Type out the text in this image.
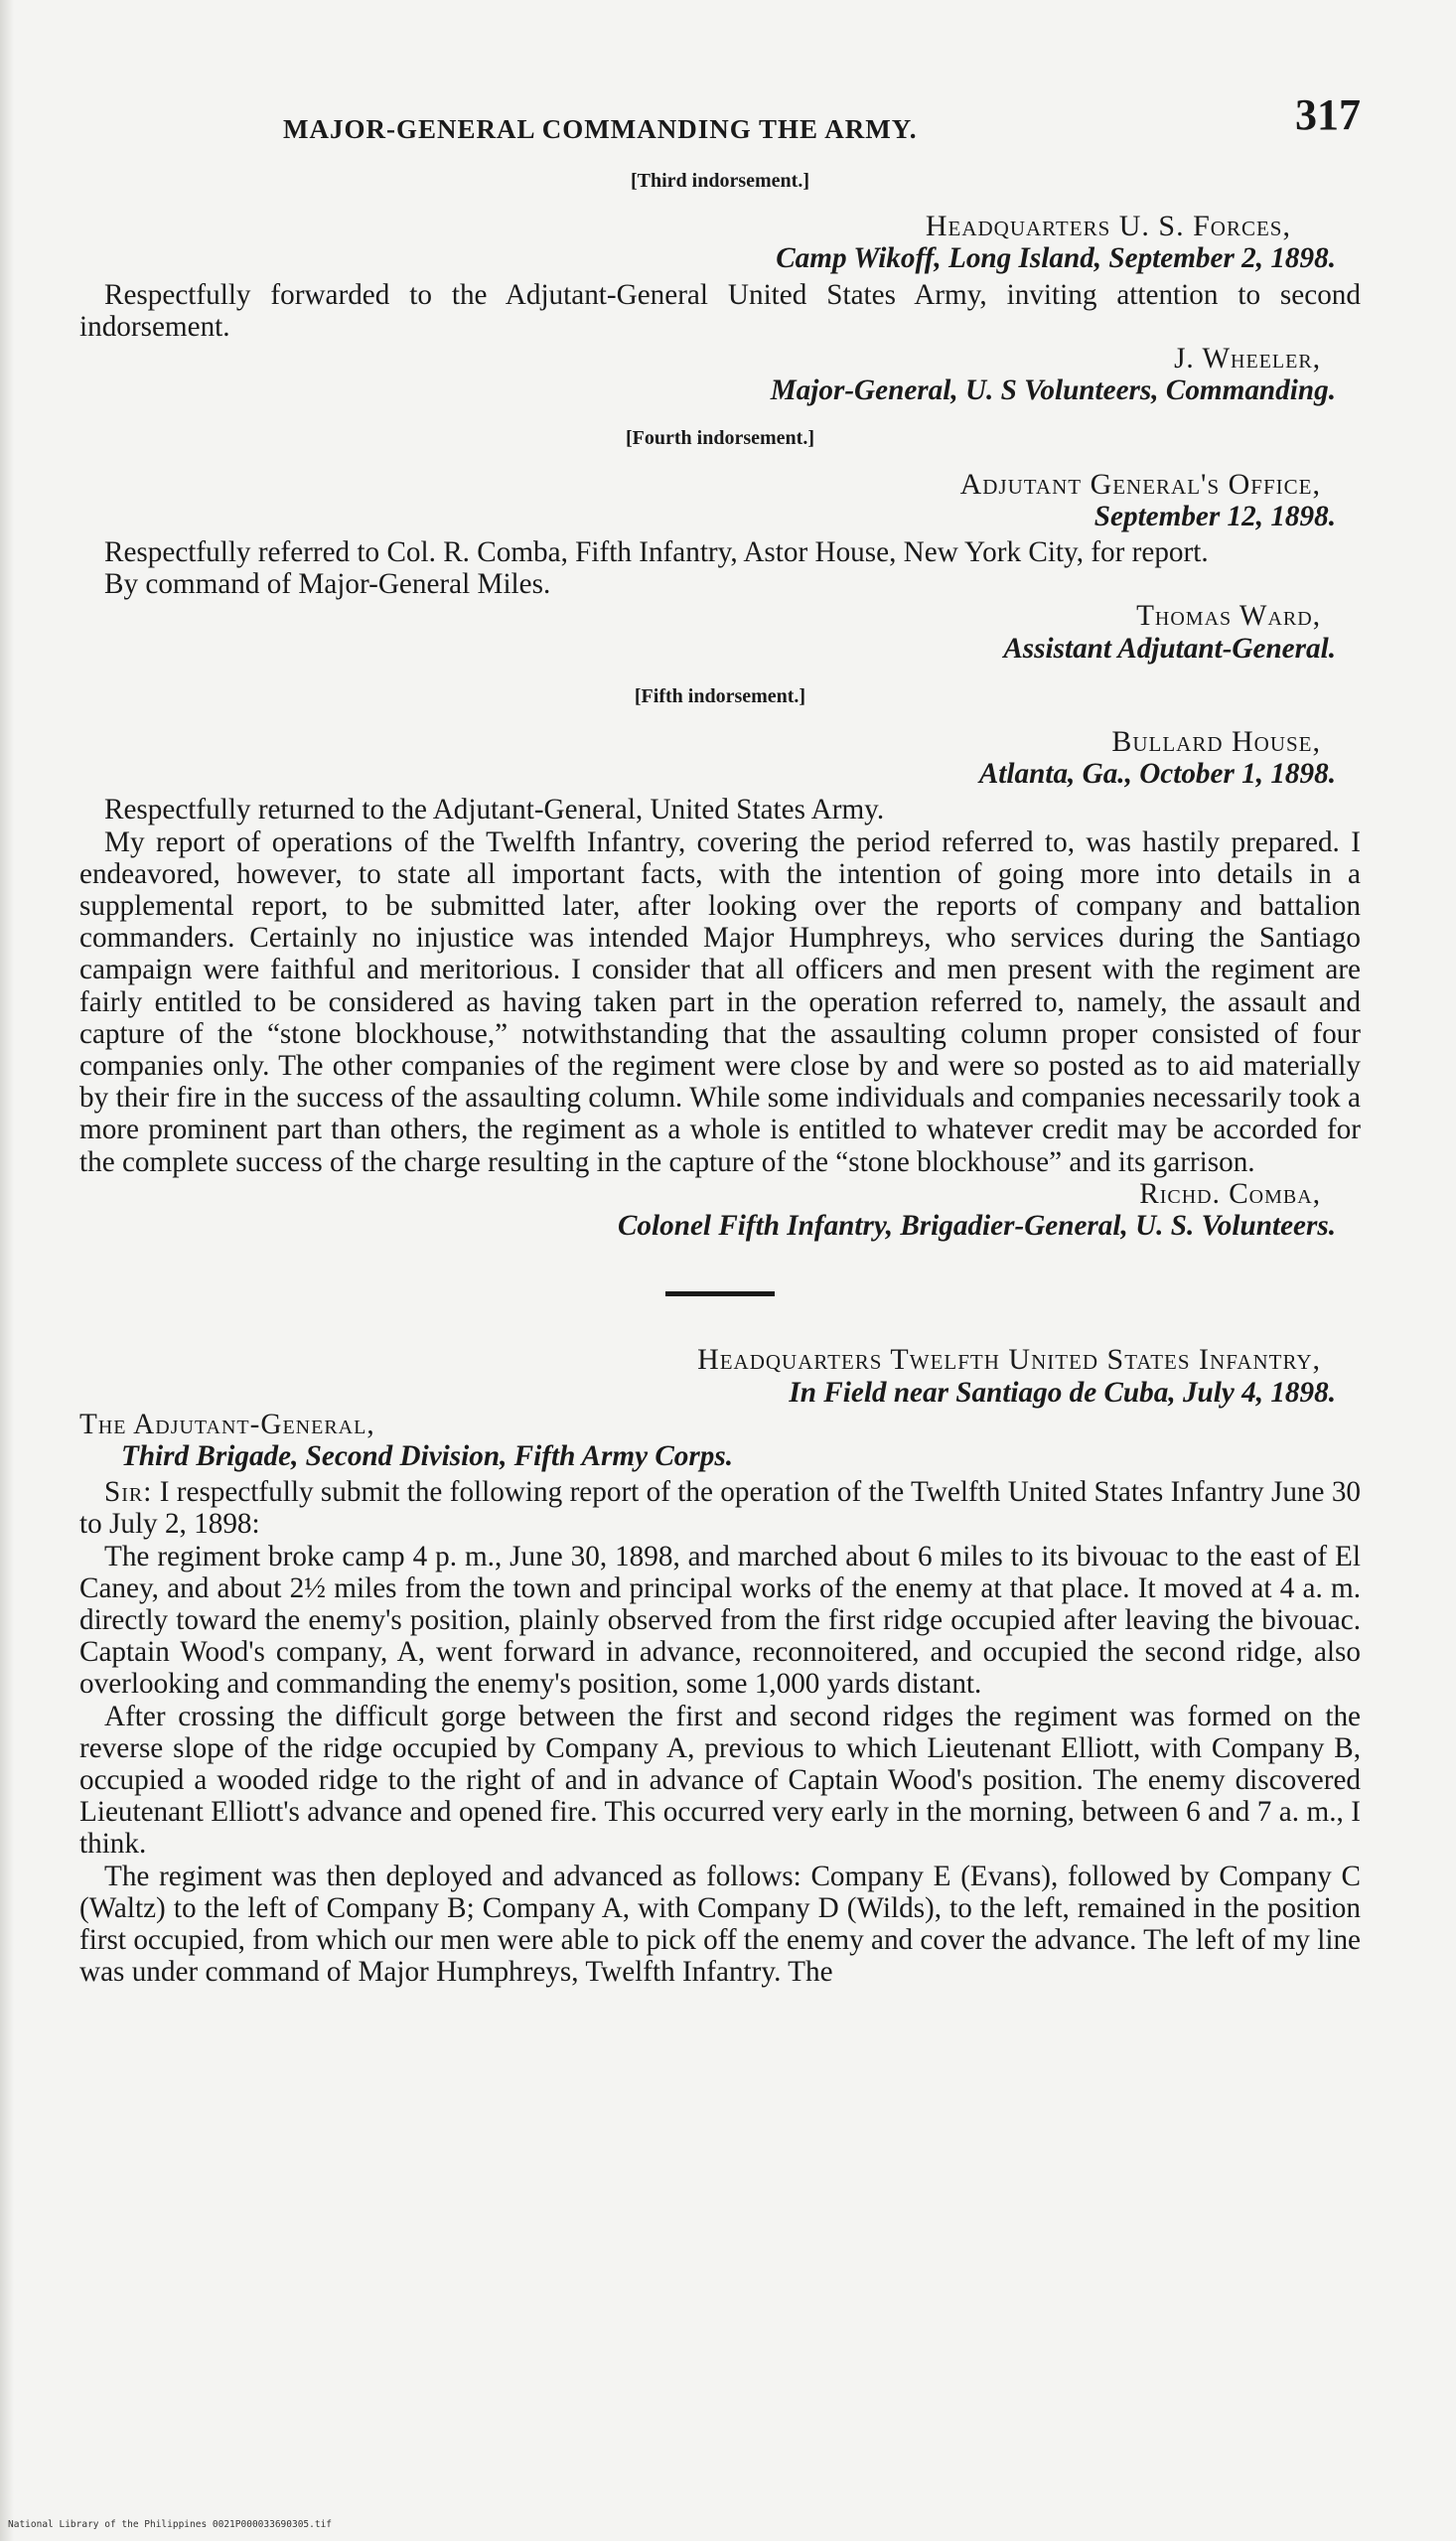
MAJOR-GENERAL COMMANDING THE ARMY.	317
[Third indorsement.]
Headquarters U. S. Forces,
Camp Wikoff, Long Island, September 2, 1898.

Respectfully forwarded to the Adjutant-General United States Army, inviting attention to second indorsement.

J. Wheeler,
Major-General, U. S Volunteers, Commanding.
[Fourth indorsement.]
Adjutant General's Office,
September 12, 1898.

Respectfully referred to Col. R. Comba, Fifth Infantry, Astor House, New York City, for report.

By command of Major-General Miles.

Thomas Ward,
Assistant Adjutant-General.
[Fifth indorsement.]
Bullard House,
Atlanta, Ga., October 1, 1898.

Respectfully returned to the Adjutant-General, United States Army.

My report of operations of the Twelfth Infantry, covering the period referred to, was hastily prepared. I endeavored, however, to state all important facts, with the intention of going more into details in a supplemental report, to be submitted later, after looking over the reports of company and battalion commanders. Certainly no injustice was intended Major Humphreys, who services during the Santiago campaign were faithful and meritorious. I consider that all officers and men present with the regiment are fairly entitled to be considered as having taken part in the operation referred to, namely, the assault and capture of the “stone blockhouse,” notwithstanding that the assaulting column proper consisted of four companies only. The other companies of the regiment were close by and were so posted as to aid materially by their fire in the success of the assaulting column. While some individuals and companies necessarily took a more prominent part than others, the regiment as a whole is entitled to whatever credit may be accorded for the complete success of the charge resulting in the capture of the “stone blockhouse” and its garrison.

Richd. Comba,
Colonel Fifth Infantry, Brigadier-General, U. S. Volunteers.
Headquarters Twelfth United States Infantry,
In Field near Santiago de Cuba, July 4, 1898.
The Adjutant-General,
Third Brigade, Second Division, Fifth Army Corps.

Sir: I respectfully submit the following report of the operation of the Twelfth United States Infantry June 30 to July 2, 1898:

The regiment broke camp 4 p. m., June 30, 1898, and marched about 6 miles to its bivouac to the east of El Caney, and about 2½ miles from the town and principal works of the enemy at that place. It moved at 4 a. m. directly toward the enemy's position, plainly observed from the first ridge occupied after leaving the bivouac. Captain Wood's company, A, went forward in advance, reconnoitered, and occupied the second ridge, also overlooking and commanding the enemy's position, some 1,000 yards distant.

After crossing the difficult gorge between the first and second ridges the regiment was formed on the reverse slope of the ridge occupied by Company A, previous to which Lieutenant Elliott, with Company B, occupied a wooded ridge to the right of and in advance of Captain Wood's position. The enemy discovered Lieutenant Elliott's advance and opened fire. This occurred very early in the morning, between 6 and 7 a. m., I think.

The regiment was then deployed and advanced as follows: Company E (Evans), followed by Company C (Waltz) to the left of Company B; Company A, with Company D (Wilds), to the left, remained in the position first occupied, from which our men were able to pick off the enemy and cover the advance. The left of my line was under command of Major Humphreys, Twelfth Infantry. The

National Library of the Philippines 0021P000033690305.tif
